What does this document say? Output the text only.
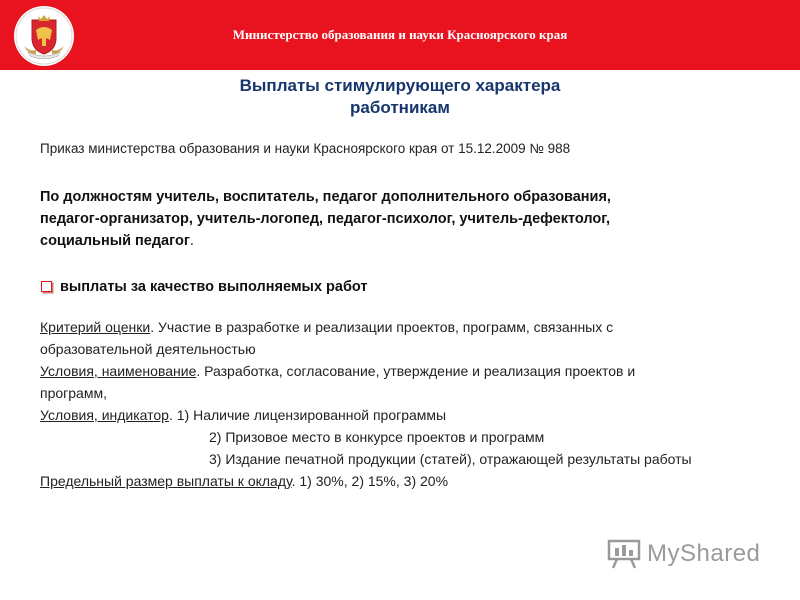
Министерство образования и науки Красноярского края
Выплаты стимулирующего характера
работникам
Приказ министерства образования и науки Красноярского края от 15.12.2009 № 988
По должностям учитель, воспитатель, педагог дополнительного образования,
педагог-организатор, учитель-логопед, педагог-психолог, учитель-дефектолог,
социальный педагог.
выплаты за качество выполняемых работ
Критерий оценки. Участие в разработке и реализации проектов, программ, связанных с
образовательной деятельностью
Условия, наименование. Разработка, согласование, утверждение и реализация проектов и
программ,
Условия, индикатор. 1) Наличие лицензированной программы
2) Призовое место в конкурсе проектов и программ
3) Издание печатной продукции (статей), отражающей результаты работы
Предельный размер выплаты к окладу. 1) 30%, 2) 15%, 3) 20%
MyShared
